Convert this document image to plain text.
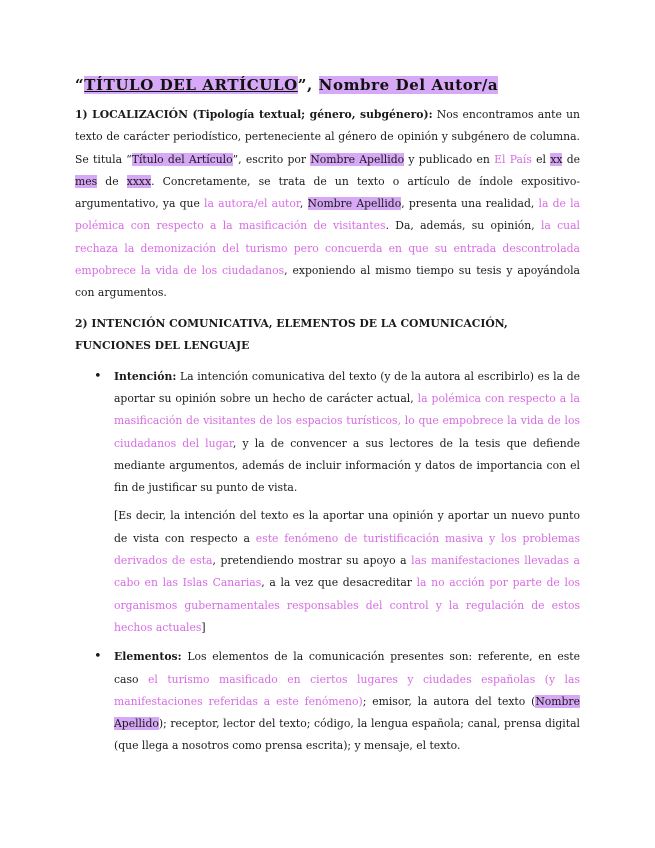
“TÍTULO DEL ARTÍCULO”, Nombre Del Autor/a

1) LOCALIZACIÓN (Tipología textual; género, subgénero): Nos encontramos ante un texto de carácter periodístico, perteneciente al género de opinión y subgénero de columna. Se titula “Título del Artículo”, escrito por Nombre Apellido y publicado en El País el xx de mes de xxxx. Concretamente, se trata de un texto o artículo de índole expositivo-argumentativo, ya que la autora/el autor, Nombre Apellido, presenta una realidad, la de la polémica con respecto a la masificación de visitantes. Da, además, su opinión, la cual rechaza la demonización del turismo pero concuerda en que su entrada descontrolada empobrece la vida de los ciudadanos, exponiendo al mismo tiempo su tesis y apoyándola con argumentos.

2) INTENCIÓN COMUNICATIVA, ELEMENTOS DE LA COMUNICACIÓN, FUNCIONES DEL LENGUAJE

• Intención: La intención comunicativa del texto (y de la autora al escribirlo) es la de aportar su opinión sobre un hecho de carácter actual, la polémica con respecto a la masificación de visitantes de los espacios turísticos, lo que empobrece la vida de los ciudadanos del lugar, y la de convencer a sus lectores de la tesis que defiende mediante argumentos, además de incluir información y datos de importancia con el fin de justificar su punto de vista.

[Es decir, la intención del texto es la aportar una opinión y aportar un nuevo punto de vista con respecto a este fenómeno de turistificación masiva y los problemas derivados de esta, pretendiendo mostrar su apoyo a las manifestaciones llevadas a cabo en las Islas Canarias, a la vez que desacreditar la no acción por parte de los organismos gubernamentales responsables del control y la regulación de estos hechos actuales]

• Elementos: Los elementos de la comunicación presentes son: referente, en este caso el turismo masificado en ciertos lugares y ciudades españolas (y las manifestaciones referidas a este fenómeno); emisor, la autora del texto (Nombre Apellido); receptor, lector del texto; código, la lengua española; canal, prensa digital (que llega a nosotros como prensa escrita); y mensaje, el texto.
